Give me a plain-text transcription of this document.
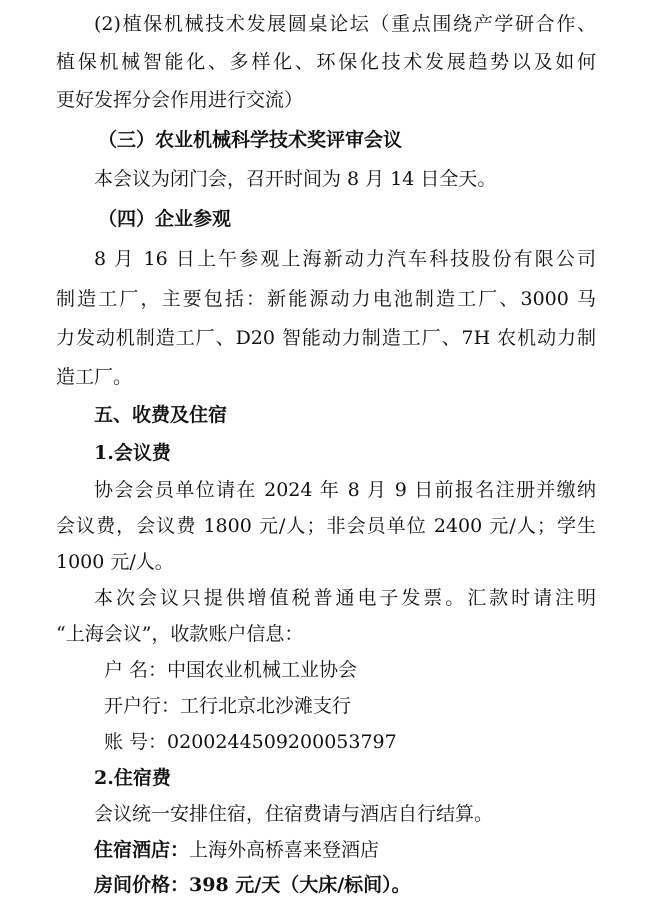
(2)植保机械技术发展圆桌论坛（重点围绕产学研合作、
植保机械智能化、多样化、环保化技术发展趋势以及如何
更好发挥分会作用进行交流）
（三）农业机械科学技术奖评审会议
本会议为闭门会，召开时间为 8 月 14 日全天。
（四）企业参观
8 月 16 日上午参观上海新动力汽车科技股份有限公司
制造工厂，主要包括：新能源动力电池制造工厂、3000 马
力发动机制造工厂、D20 智能动力制造工厂、7H 农机动力制
造工厂。
五、收费及住宿
1.会议费
协会会员单位请在 2024 年 8 月 9 日前报名注册并缴纳
会议费，会议费 1800 元/人；非会员单位 2400 元/人；学生
1000 元/人。
本次会议只提供增值税普通电子发票。汇款时请注明
“上海会议”，收款账户信息：
户 名：中国农业机械工业协会
开户行：工行北京北沙滩支行
账 号：0200244509200053797
2.住宿费
会议统一安排住宿，住宿费请与酒店自行结算。
住宿酒店：上海外高桥喜来登酒店
房间价格：398 元/天（大床/标间）。
